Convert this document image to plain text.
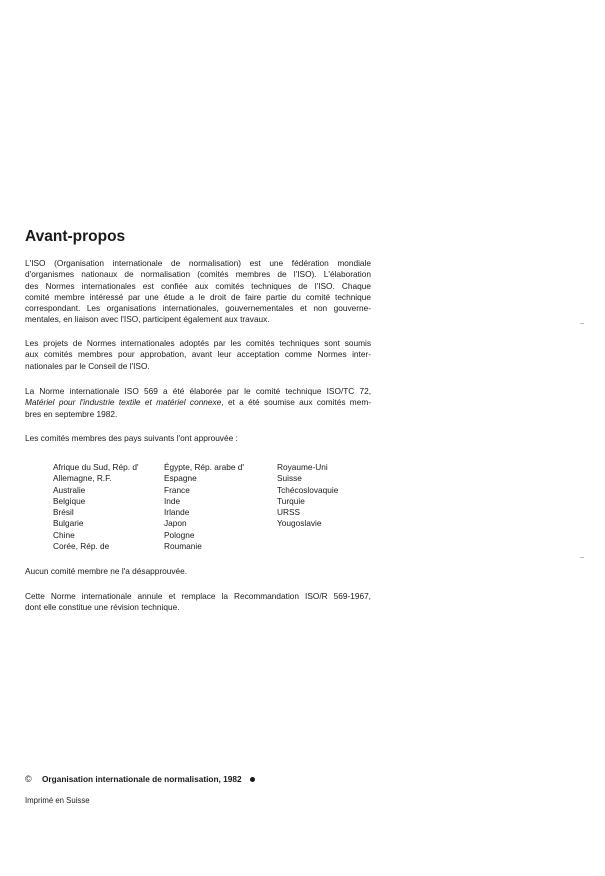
Avant-propos
L'ISO (Organisation internationale de normalisation) est une fédération mondiale
d'organismes nationaux de normalisation (comités membres de l'ISO). L'élaboration
des Normes internationales est confiée aux comités techniques de l'ISO. Chaque
comité membre intéressé par une étude a le droit de faire partie du comité technique
correspondant. Les organisations internationales, gouvernementales et non gouverne-
mentales, en liaison avec l'ISO, participent également aux travaux.
Les projets de Normes internationales adoptés par les comités techniques sont soumis
aux comités membres pour approbation, avant leur acceptation comme Normes inter-
nationales par le Conseil de l'ISO.
La Norme internationale ISO 569 a été élaborée par le comité technique ISO/TC 72,
Matériel pour l'industrie textile et matériel connexe, et a été soumise aux comités mem-
bres en septembre 1982.
Les comités membres des pays suivants l'ont approuvée :
Afrique du Sud, Rép. d'
Allemagne, R.F.
Australie
Belgique
Brésil
Bulgarie
Chine
Corée, Rép. de
Égypte, Rép. arabe d'
Espagne
France
Inde
Irlande
Japon
Pologne
Roumanie
Royaume-Uni
Suisse
Tchécoslovaquie
Turquie
URSS
Yougoslavie
Aucun comité membre ne l'a désapprouvée.
Cette Norme internationale annule et remplace la Recommandation ISO/R 569-1967,
dont elle constitue une révision technique.
© Organisation internationale de normalisation, 1982
Imprimé en Suisse
